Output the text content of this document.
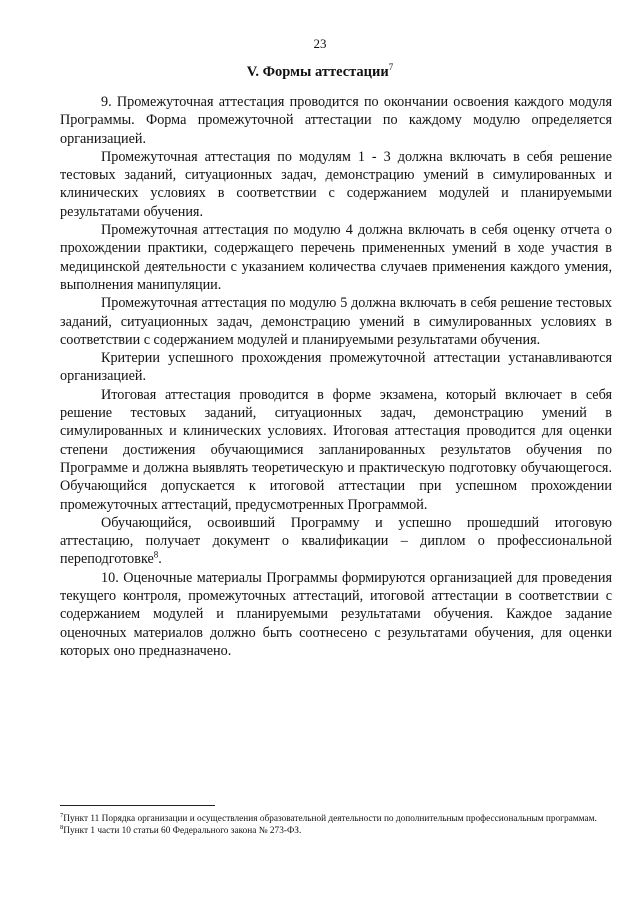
23
V. Формы аттестации$^7$

9. Промежуточная аттестация проводится по окончании освоения каждого модуля Программы. Форма промежуточной аттестации по каждому модулю определяется организацией.

Промежуточная аттестация по модулям 1 - 3 должна включать в себя решение тестовых заданий, ситуационных задач, демонстрацию умений в симулированных и клинических условиях в соответствии с содержанием модулей и планируемыми результатами обучения.

Промежуточная аттестация по модулю 4 должна включать в себя оценку отчета о прохождении практики, содержащего перечень примененных умений в ходе участия в медицинской деятельности с указанием количества случаев применения каждого умения, выполнения манипуляции.

Промежуточная аттестация по модулю 5 должна включать в себя решение тестовых заданий, ситуационных задач, демонстрацию умений в симулированных условиях в соответствии с содержанием модулей и планируемыми результатами обучения.

Критерии успешного прохождения промежуточной аттестации устанавливаются организацией.

Итоговая аттестация проводится в форме экзамена, который включает в себя решение тестовых заданий, ситуационных задач, демонстрацию умений в симулированных и клинических условиях. Итоговая аттестация проводится для оценки степени достижения обучающимися запланированных результатов обучения по Программе и должна выявлять теоретическую и практическую подготовку обучающегося. Обучающийся допускается к итоговой аттестации при успешном прохождении промежуточных аттестаций, предусмотренных Программой.

Обучающийся, освоивший Программу и успешно прошедший итоговую аттестацию, получает документ о квалификации – диплом о профессиональной переподготовке$^8$.

10. Оценочные материалы Программы формируются организацией для проведения текущего контроля, промежуточных аттестаций, итоговой аттестации в соответствии с содержанием модулей и планируемыми результатами обучения. Каждое задание оценочных материалов должно быть соотнесено с результатами обучения, для оценки которых оно предназначено.

$^7$Пункт 11 Порядка организации и осуществления образовательной деятельности по дополнительным профессиональным программам.

$^8$Пункт 1 части 10 статьи 60 Федерального закона № 273-ФЗ.
